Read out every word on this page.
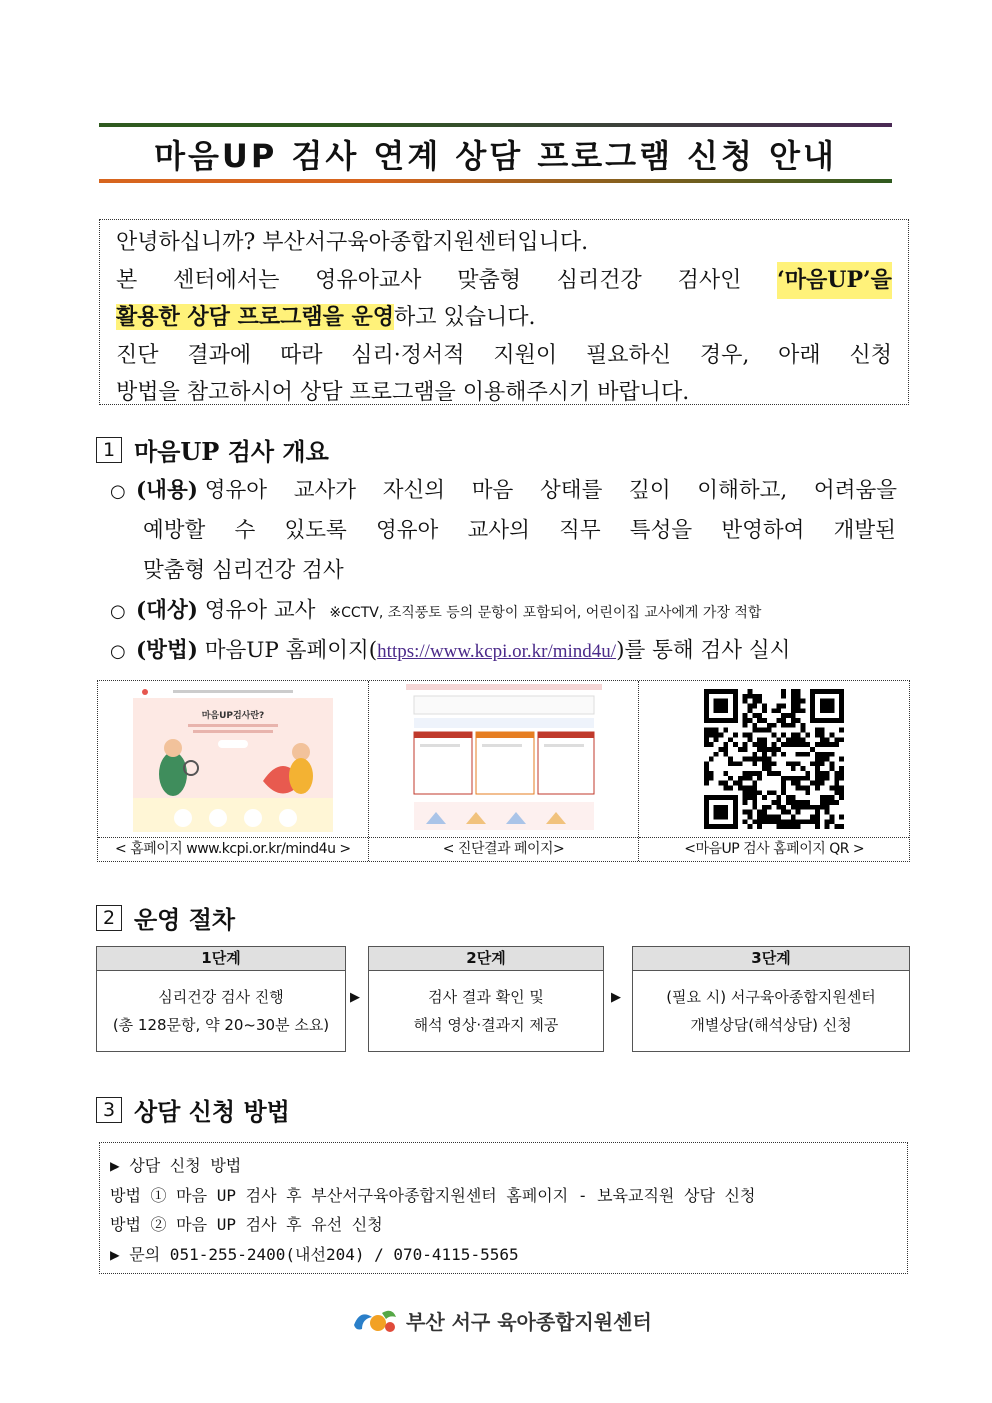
마음UP 검사 연계 상담 프로그램 신청 안내

안녕하십니까? 부산서구육아종합지원센터입니다.

본 센터에서는 영유아교사 맞춤형 심리건강 검사인 ‘마음UP’을

활용한 상담 프로그램을 운영하고 있습니다.

진단 결과에 따라 심리·정서적 지원이 필요하신 경우, 아래 신청

방법을 참고하시어 상담 프로그램을 이용해주시기 바랍니다.

1 마음UP 검사 개요
○ (내용) 영유아 교사가 자신의 마음 상태를 깊이 이해하고, 어려움을
예방할 수 있도록 영유아 교사의 직무 특성을 반영하여 개발된
맞춤형 심리건강 검사
○ (대상) 영유아 교사 ※CCTV, 조직풍토 등의 문항이 포함되어, 어린이집 교사에게 가장 적합
○ (방법) 마음UP 홈페이지(https://www.kcpi.or.kr/mind4u/)를 통해 검사 실시
마음UP검사란?
< 홈페이지 www.kcpi.or.kr/mind4u >	< 진단결과 페이지>	<마음UP 검사 홈페이지 QR >
2 운영 절차
1단계
심리건강 검사 진행
(총 128문항, 약 20~30분 소요)
▶
2단계
검사 결과 확인 및
해석 영상·결과지 제공
▶
3단계
(필요 시) 서구육아종합지원센터
개별상담(해석상담) 신청
3 상담 신청 방법
▶ 상담 신청 방법
방법 ① 마음 UP 검사 후 부산서구육아종합지원센터 홈페이지 - 보육교직원 상담 신청
방법 ② 마음 UP 검사 후 유선 신청
▶ 문의 051-255-2400(내선204) / 070-4115-5565
부산 서구 육아종합지원센터
